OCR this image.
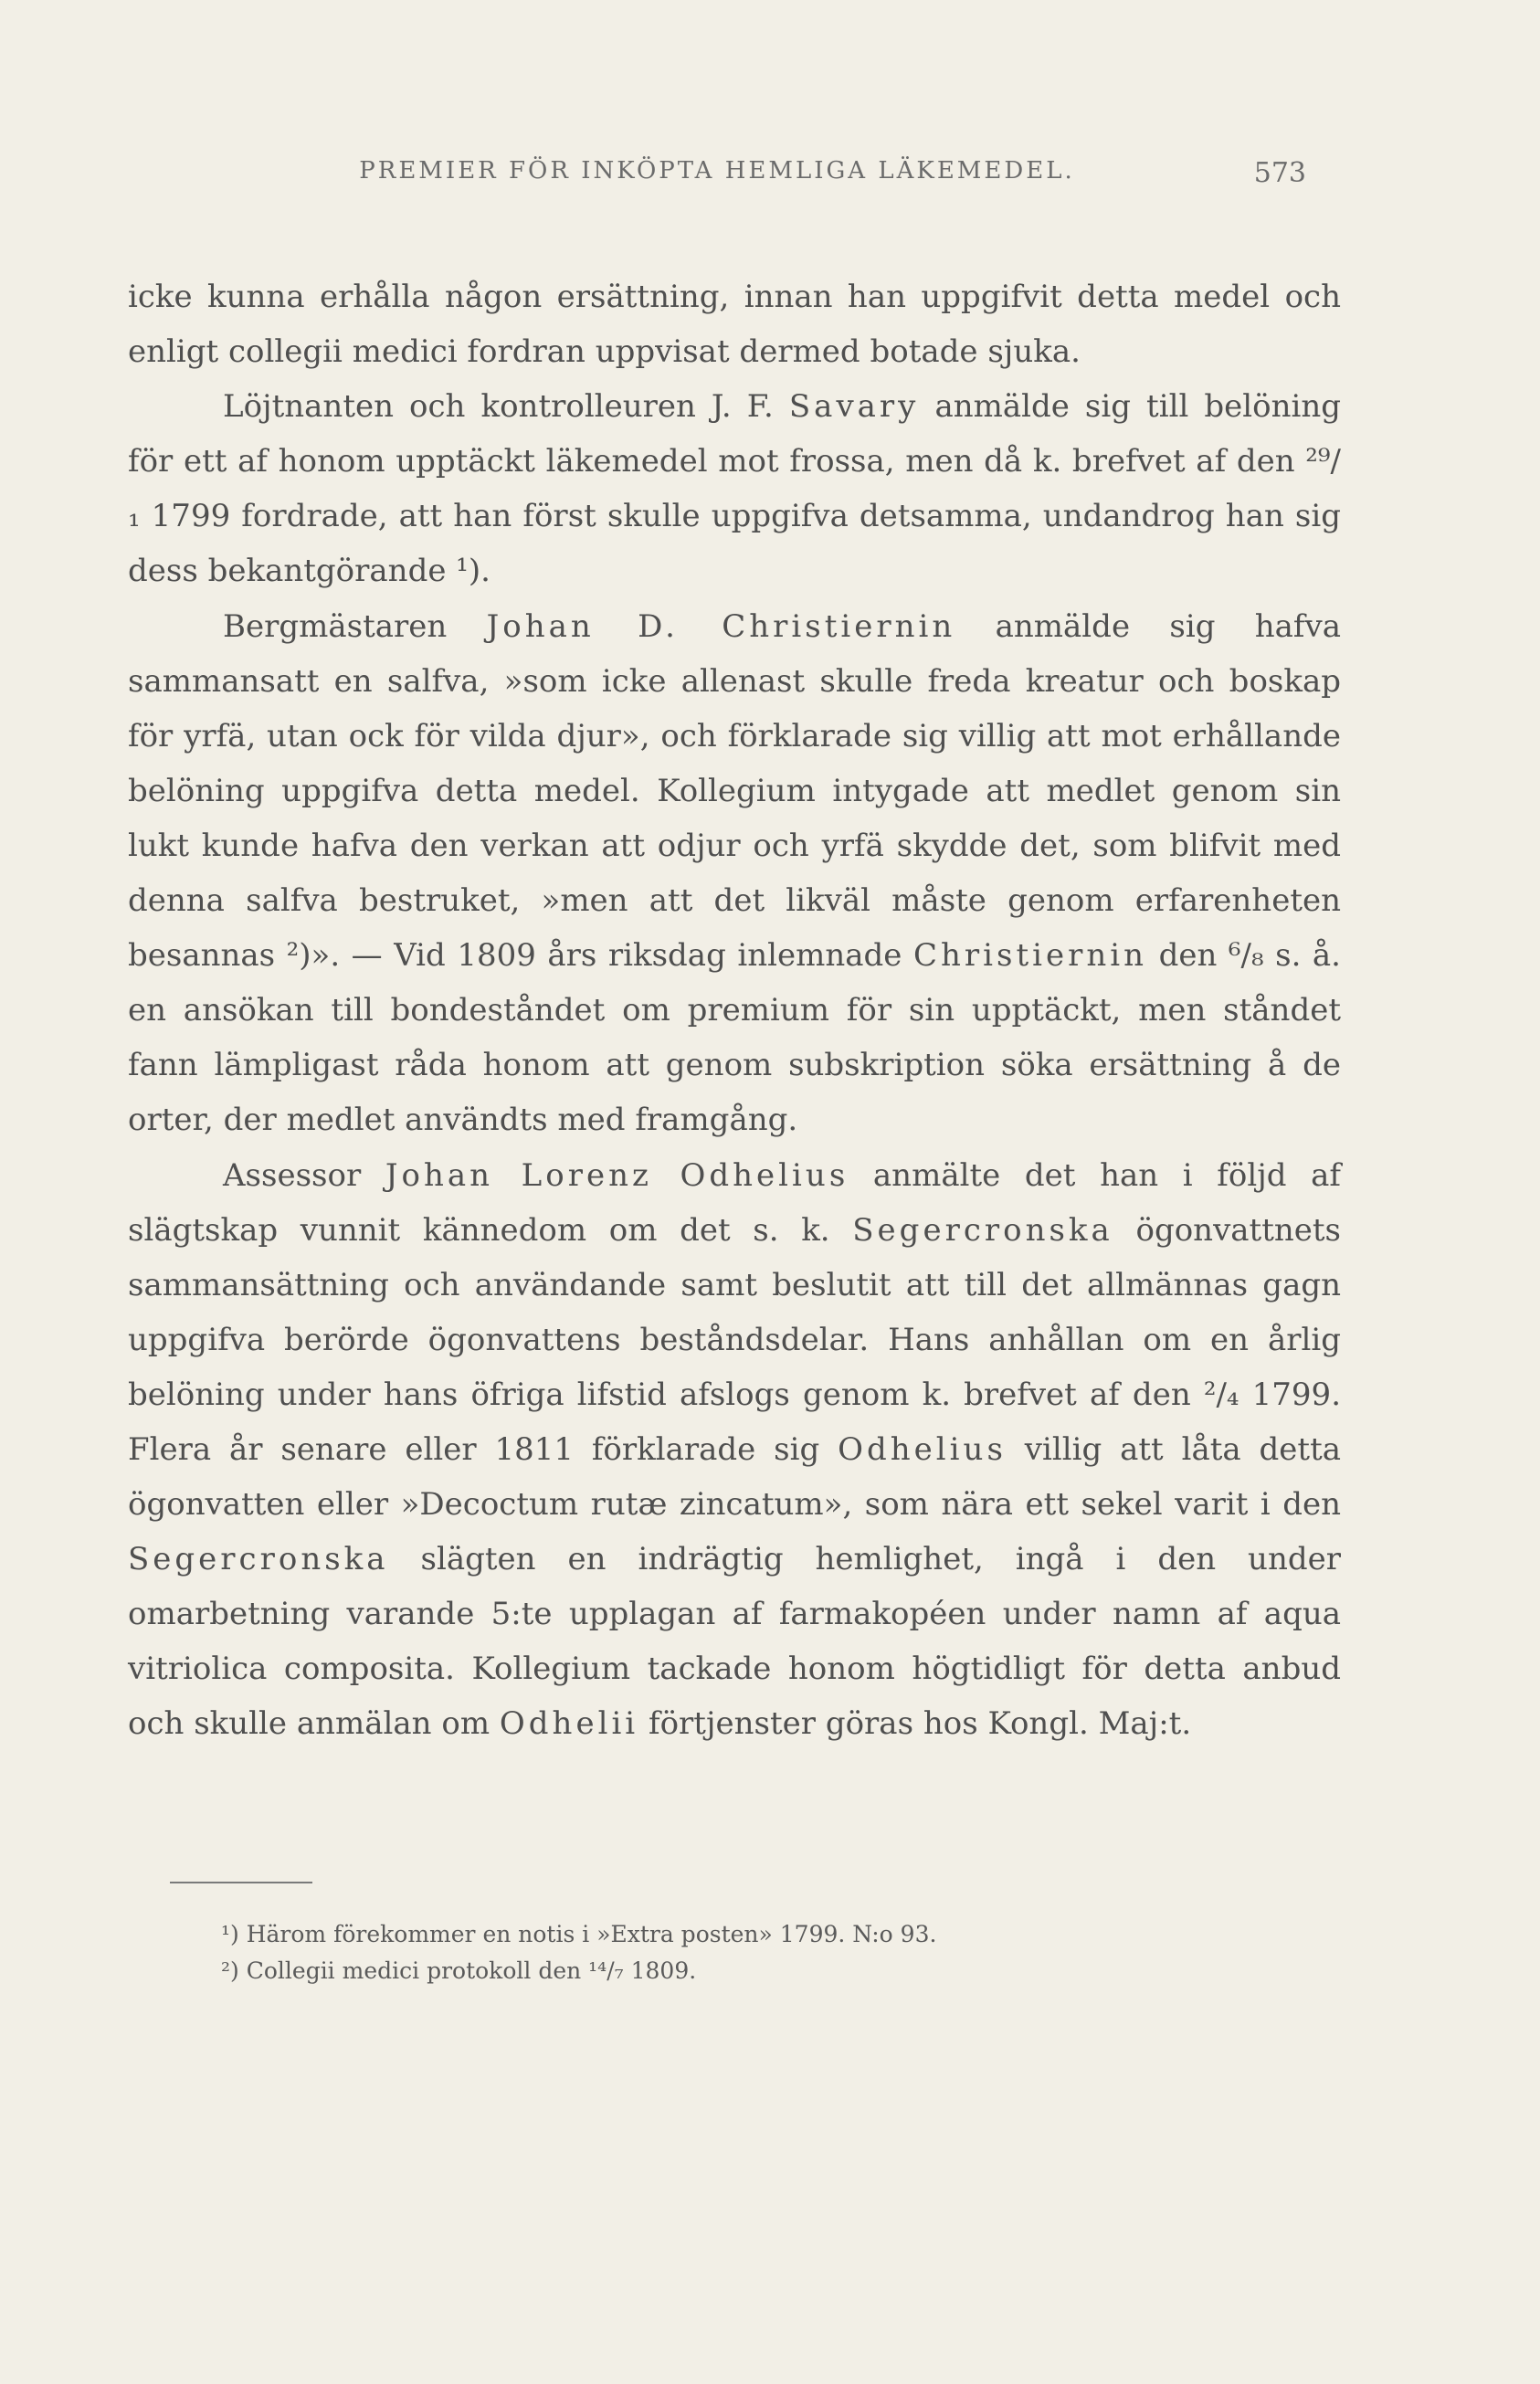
PREMIER FÖR INKÖPTA HEMLIGA LÄKEMEDEL.	573

icke kunna erhålla någon ersättning, innan han uppgifvit detta medel och enligt collegii medici fordran uppvisat dermed botade sjuka.

Löjtnanten och kontrolleuren J. F. Savary anmälde sig till belöning för ett af honom upptäckt läkemedel mot frossa, men då k. brefvet af den ²⁹/₁ 1799 fordrade, att han först skulle uppgifva detsamma, undandrog han sig dess bekantgörande ¹).

Bergmästaren Johan D. Christiernin anmälde sig hafva sammansatt en salfva, »som icke allenast skulle freda kreatur och boskap för yrfä, utan ock för vilda djur», och förklarade sig villig att mot erhållande belöning uppgifva detta medel. Kollegium intygade att medlet genom sin lukt kunde hafva den verkan att odjur och yrfä skydde det, som blifvit med denna salfva bestruket, »men att det likväl måste genom erfarenheten besannas ²)». — Vid 1809 års riksdag inlemnade Christiernin den ⁶/₈ s. å. en ansökan till bondeståndet om premium för sin upptäckt, men ståndet fann lämpligast råda honom att genom subskription söka ersättning å de orter, der medlet användts med framgång.

Assessor Johan Lorenz Odhelius anmälte det han i följd af slägtskap vunnit kännedom om det s. k. Segercronska ögonvattnets sammansättning och användande samt beslutit att till det allmännas gagn uppgifva berörde ögonvattens beståndsdelar. Hans anhållan om en årlig belöning under hans öfriga lifstid afslogs genom k. brefvet af den ²/₄ 1799. Flera år senare eller 1811 förklarade sig Odhelius villig att låta detta ögonvatten eller »Decoctum rutæ zincatum», som nära ett sekel varit i den Segercronska slägten en indrägtig hemlighet, ingå i den under omarbetning varande 5:te upplagan af farmakopéen under namn af aqua vitriolica composita. Kollegium tackade honom högtidligt för detta anbud och skulle anmälan om Odhelii förtjenster göras hos Kongl. Maj:t.

¹) Härom förekommer en notis i »Extra posten» 1799. N:o 93.
²) Collegii medici protokoll den ¹⁴/₇ 1809.
